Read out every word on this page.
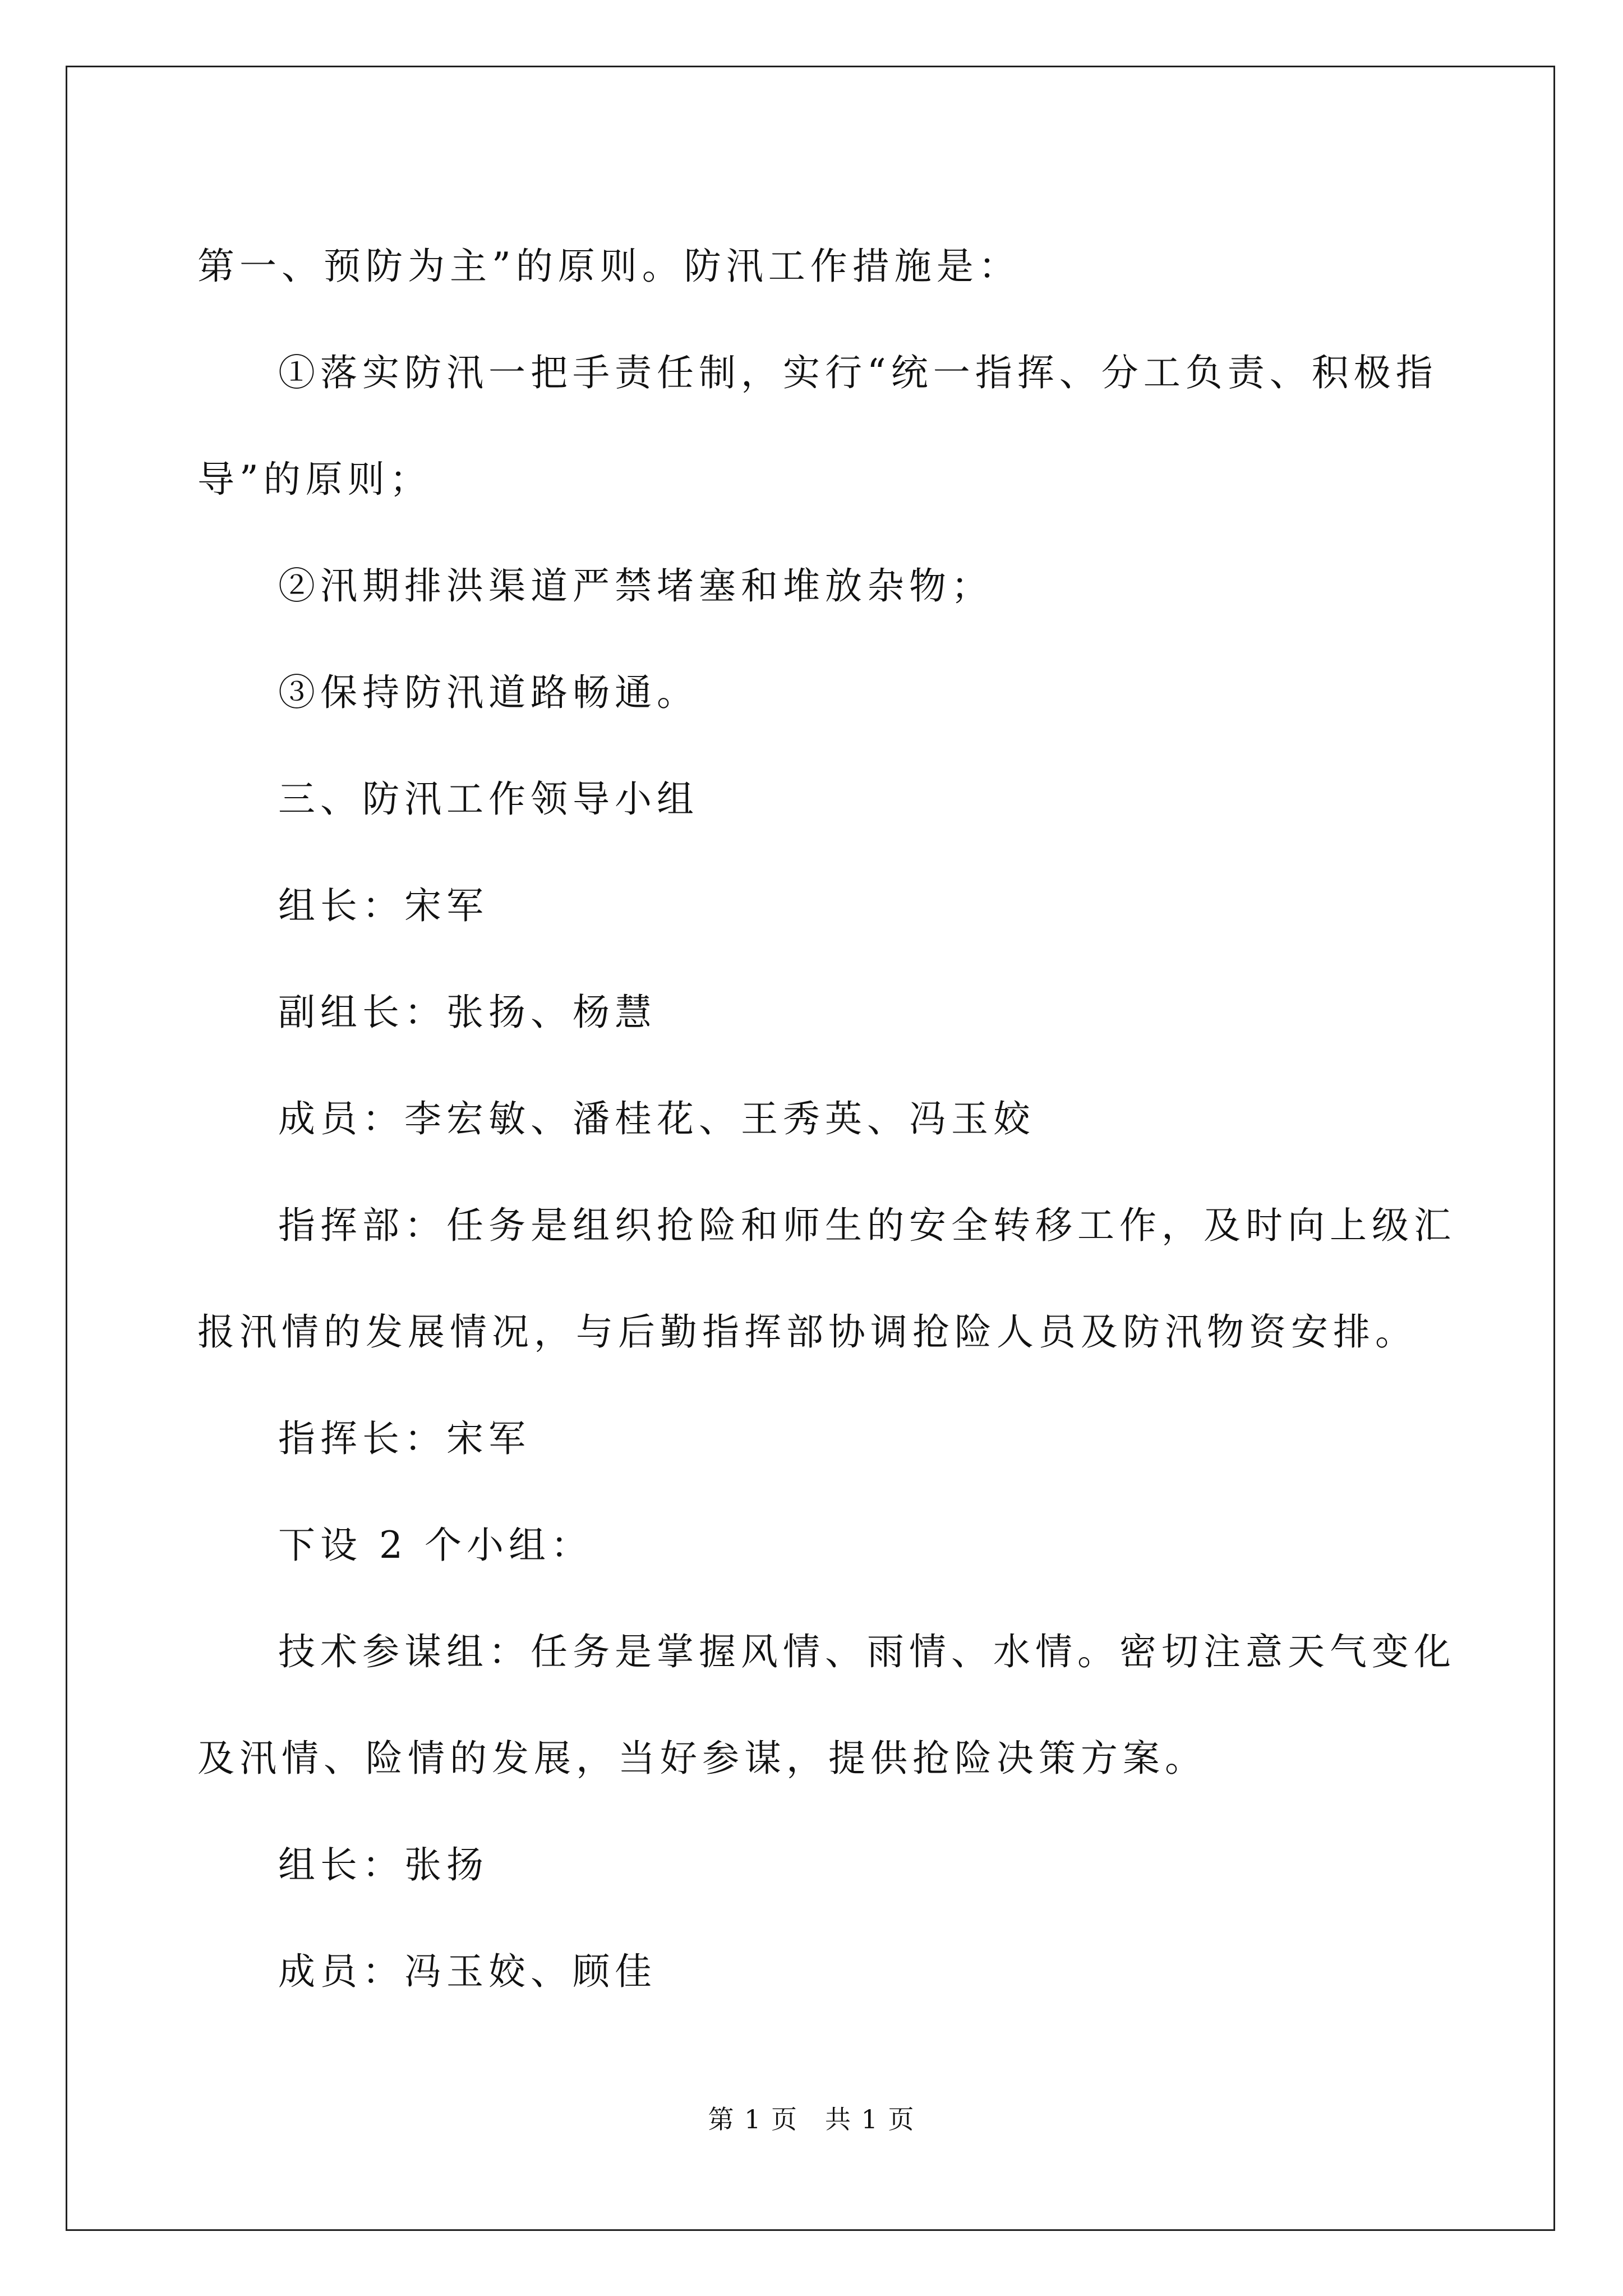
第一、预防为主”的原则。防汛工作措施是：
①落实防汛一把手责任制，实行“统一指挥、分工负责、积极指
导”的原则；
②汛期排洪渠道严禁堵塞和堆放杂物；
③保持防汛道路畅通。
三、防汛工作领导小组
组长：宋军
副组长：张扬、杨慧
成员：李宏敏、潘桂花、王秀英、冯玉姣
指挥部：任务是组织抢险和师生的安全转移工作，及时向上级汇
报汛情的发展情况，与后勤指挥部协调抢险人员及防汛物资安排。
指挥长：宋军
下设 2 个小组：
技术参谋组：任务是掌握风情、雨情、水情。密切注意天气变化
及汛情、险情的发展，当好参谋，提供抢险决策方案。
组长：张扬
成员：冯玉姣、顾佳
第 1 页　共 1 页
